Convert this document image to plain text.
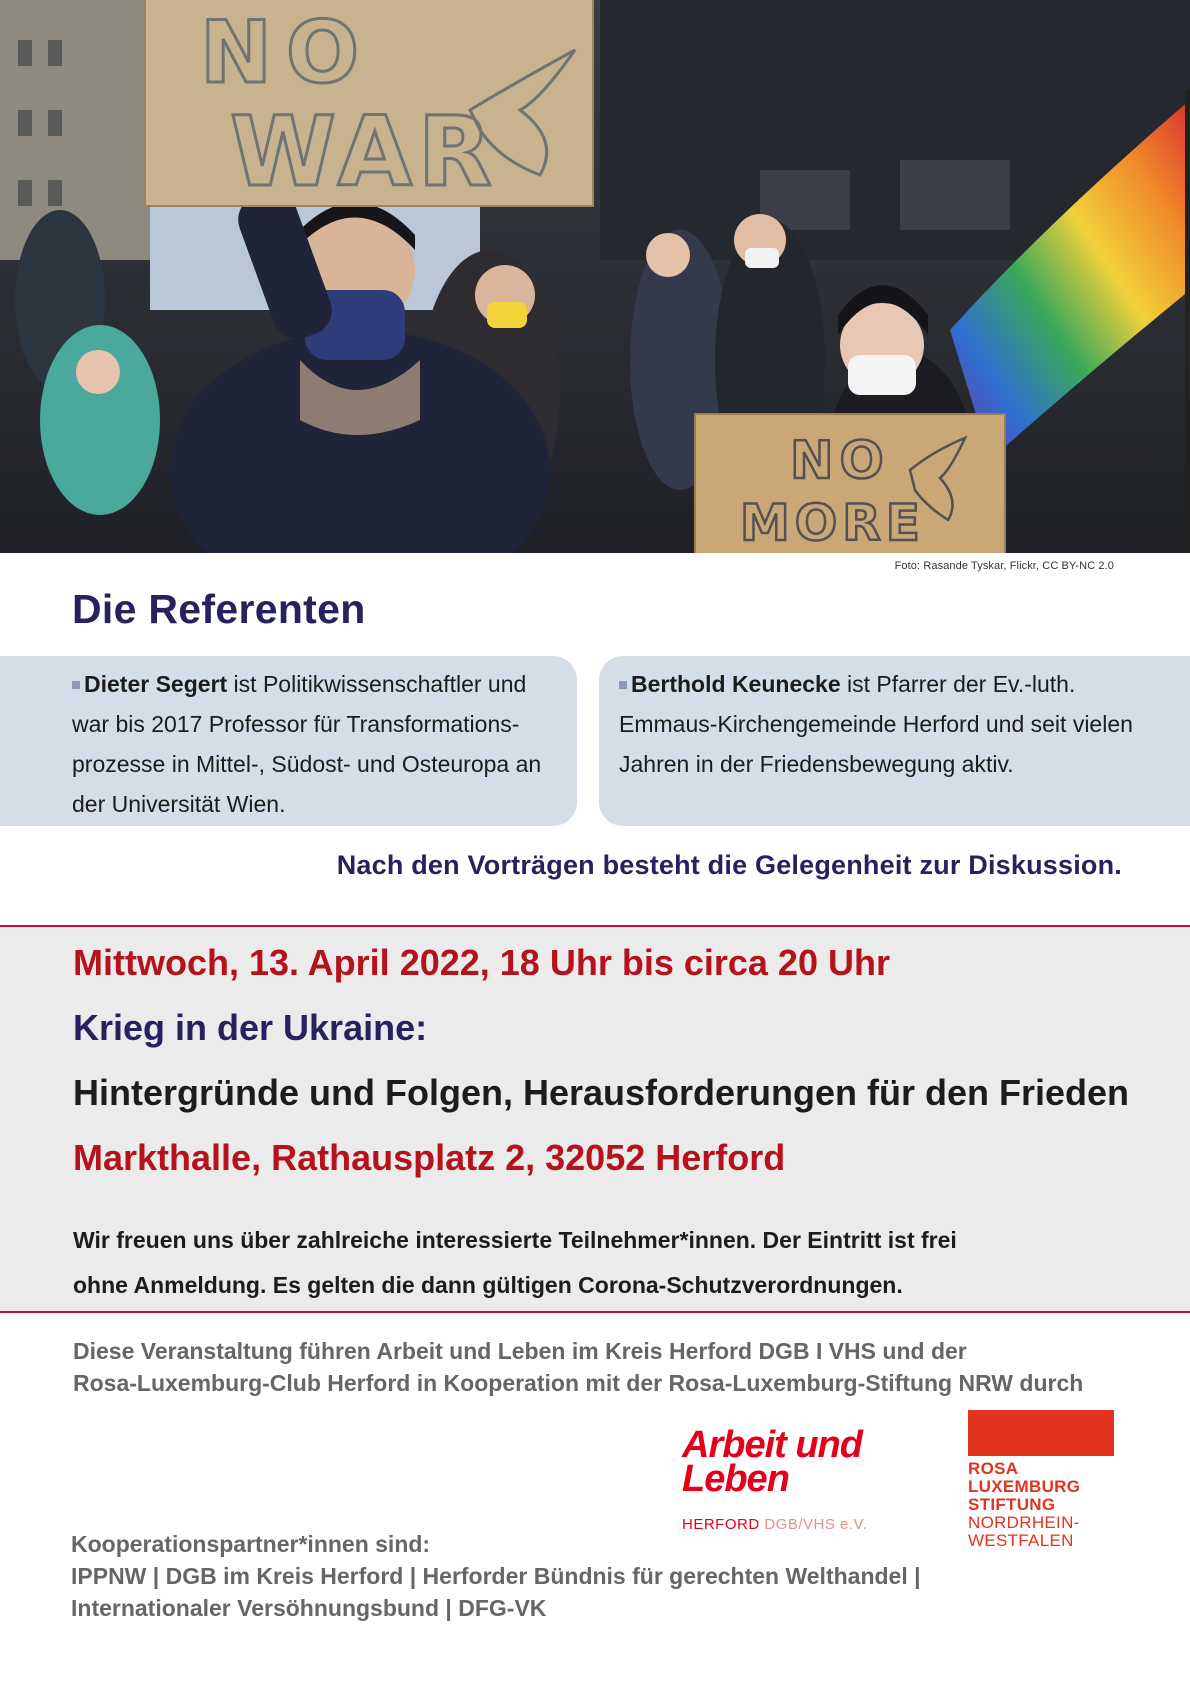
NO
WAR
NO
MORE
Foto: Rasande Tyskar, Flickr, CC BY-NC 2.0
Die Referenten
Dieter Segert ist Politikwissenschaftler und war bis 2017 Professor für Transformationsprozesse in Mittel-, Südost- und Osteuropa an der Universität Wien.
Berthold Keunecke ist Pfarrer der Ev.-luth. Emmaus-Kirchengemeinde Herford und seit vielen Jahren in der Friedensbewegung aktiv.
Nach den Vorträgen besteht die Gelegenheit zur Diskussion.

Mittwoch, 13. April 2022, 18 Uhr bis circa 20 Uhr

Krieg in der Ukraine:

Hintergründe und Folgen, Herausforderungen für den Frieden

Markthalle, Rathausplatz 2, 32052 Herford

Wir freuen uns über zahlreiche interessierte Teilnehmer*innen. Der Eintritt ist frei
ohne Anmeldung. Es gelten die dann gültigen Corona-Schutzverordnungen.
Diese Veranstaltung führen Arbeit und Leben im Kreis Herford DGB I VHS und der
Rosa-Luxemburg-Club Herford in Kooperation mit der Rosa-Luxemburg-Stiftung NRW durch
Arbeit und
Leben
HERFORD DGB/VHS e.V.
ROSA
LUXEMBURG
STIFTUNG
NORDRHEIN-
WESTFALEN
Kooperationspartner*innen sind:
IPPNW | DGB im Kreis Herford | Herforder Bündnis für gerechten Welthandel |
Internationaler Versöhnungsbund | DFG-VK
